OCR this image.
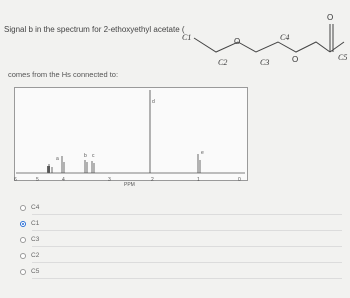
Signal b in the spectrum for 2-ethoxyethyl acetate (
C1
C2
O
C3
C4
O
O
C5
comes from the Hs connected to:
a	b c
d
e
6	5	4	3	2	1	0
PPM
C4
C1
C3
C2
C5
